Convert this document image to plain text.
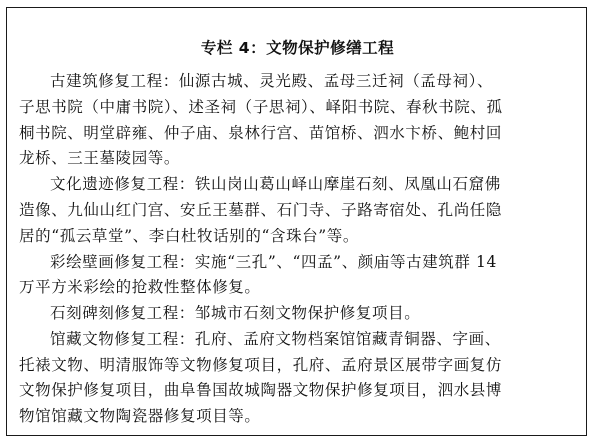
专栏 4：文物保护修缮工程
古建筑修复工程：仙源古城、灵光殿、孟母三迁祠（孟母祠）、
子思书院（中庸书院）、述圣祠（子思祠）、峄阳书院、春秋书院、孤
桐书院、明堂辟雍、仲子庙、泉林行宫、苗馆桥、泗水卞桥、鲍村回
龙桥、三王墓陵园等。
文化遗迹修复工程：铁山岗山葛山峄山摩崖石刻、凤凰山石窟佛
造像、九仙山红门宫、安丘王墓群、石门寺、子路寄宿处、孔尚任隐
居的“孤云草堂”、李白杜牧话别的“含珠台”等。
彩绘壁画修复工程：实施“三孔”、“四孟”、颜庙等古建筑群 14
万平方米彩绘的抢救性整体修复。
石刻碑刻修复工程：邹城市石刻文物保护修复项目。
馆藏文物修复工程：孔府、孟府文物档案馆馆藏青铜器、字画、
托裱文物、明清服饰等文物修复项目，孔府、孟府景区展带字画复仿
文物保护修复项目，曲阜鲁国故城陶器文物保护修复项目，泗水县博
物馆馆藏文物陶瓷器修复项目等。
